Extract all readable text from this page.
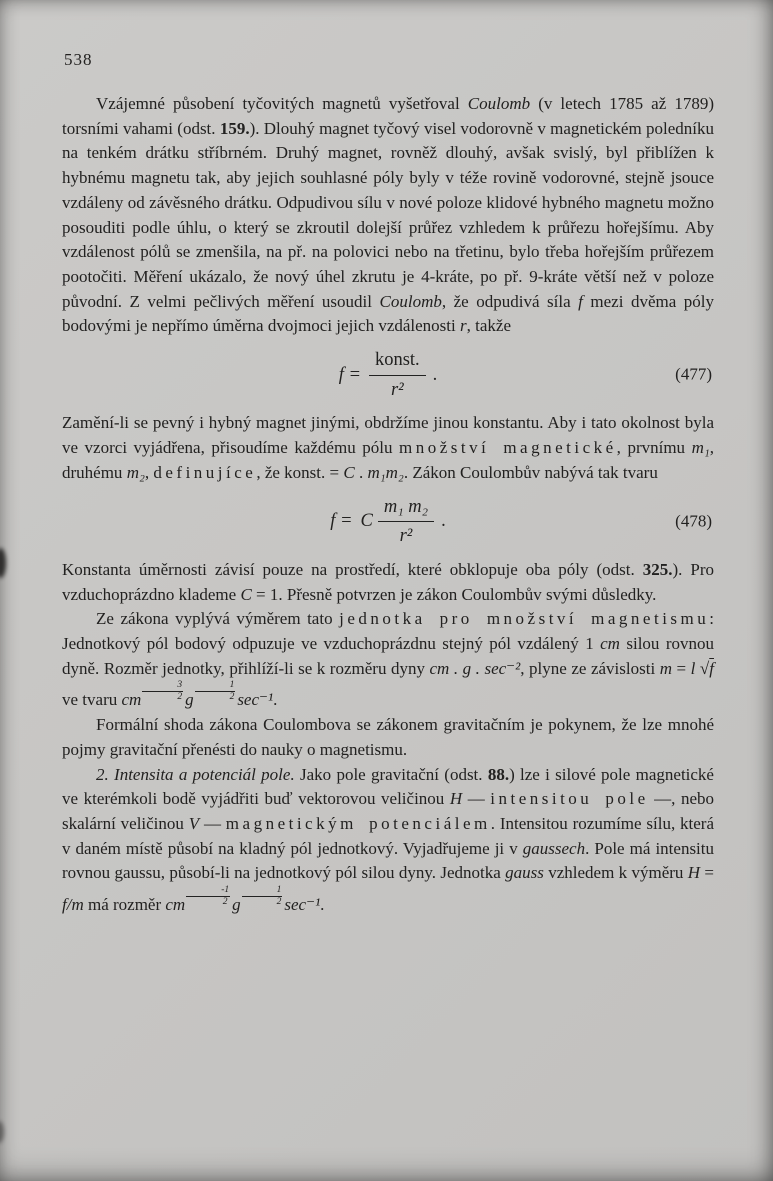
538

Vzájemné působení tyčovitých magnetů vyšetřoval Coulomb (v letech 1785 až 1789) torsními vahami (odst. 159.). Dlouhý magnet tyčový visel vodorovně v magnetickém poledníku na tenkém drátku stříbrném. Druhý magnet, rovněž dlouhý, avšak svislý, byl přiblížen k hybnému magnetu tak, aby jejich souhlasné póly byly v téže rovině vodorovné, stejně jsouce vzdáleny od závěsného drátku. Odpudivou sílu v nové poloze klidové hybného magnetu možno posouditi podle úhlu, o který se zkroutil dolejší průřez vzhledem k průřezu hořejšímu. Aby vzdálenost pólů se zmenšila, na př. na polovici nebo na třetinu, bylo třeba hořejším průřezem pootočiti. Měření ukázalo, že nový úhel zkrutu je 4-kráte, po př. 9-kráte větší než v poloze původní. Z velmi pečlivých měření usoudil Coulomb, že odpudivá síla f mezi dvěma póly bodovými je nepřímo úměrna dvojmoci jejich vzdálenosti r, takže

$f = \frac{\text{konst.}}{\text{r²}}$ .	(477)

Zamění-li se pevný i hybný magnet jinými, obdržíme jinou konstantu. Aby i tato okolnost byla ve vzorci vyjádřena, přisoudíme každému pólu množství magnetické, prvnímu m₁, druhému m₂, definujíce, že konst. = C . m₁m₂. Zákon Coulombův nabývá tak tvaru

f = C $\frac{\text{m₁ m₂}}{\text{r²}}$ .	(478)

Konstanta úměrnosti závisí pouze na prostředí, které obklopuje oba póly (odst. 325.). Pro vzduchoprázdno klademe C = 1. Přesně potvrzen je zákon Coulombův svými důsledky.

Ze zákona vyplývá výměrem tato jednotka pro množství magnetismu: Jednotkový pól bodový odpuzuje ve vzduchoprázdnu stejný pól vzdálený 1 cm silou rovnou dyně. Rozměr jednotky, přihlíží-li se k rozměru dyny cm . g . sec⁻², plyne ze závislosti m = l √f ve tvaru cm $\frac{3}{2}$ g $\frac{1}{2} \sec^{-1}$.

Formální shoda zákona Coulombova se zákonem gravitačním je pokynem, že lze mnohé pojmy gravitační přenésti do nauky o magnetismu.

2. Intensita a potenciál pole. Jako pole gravitační (odst. 88.) lze i silové pole magnetické ve kterémkoli bodě vyjádřiti buď vektorovou veličinou H — intensitou pole —, nebo skalární veličinou V — magnetickým potenciálem. Intensitou rozumíme sílu, která v daném místě působí na kladný pól jednotkový. Vyjadřujeme ji v gaussech. Pole má intensitu rovnou gaussu, působí-li na jednotkový pól silou dyny. Jednotka gauss vzhledem k výměru H = f/m má rozměr cm $\frac{-1}{2}$ g $\frac{1}{2} \sec^{-1}$.
